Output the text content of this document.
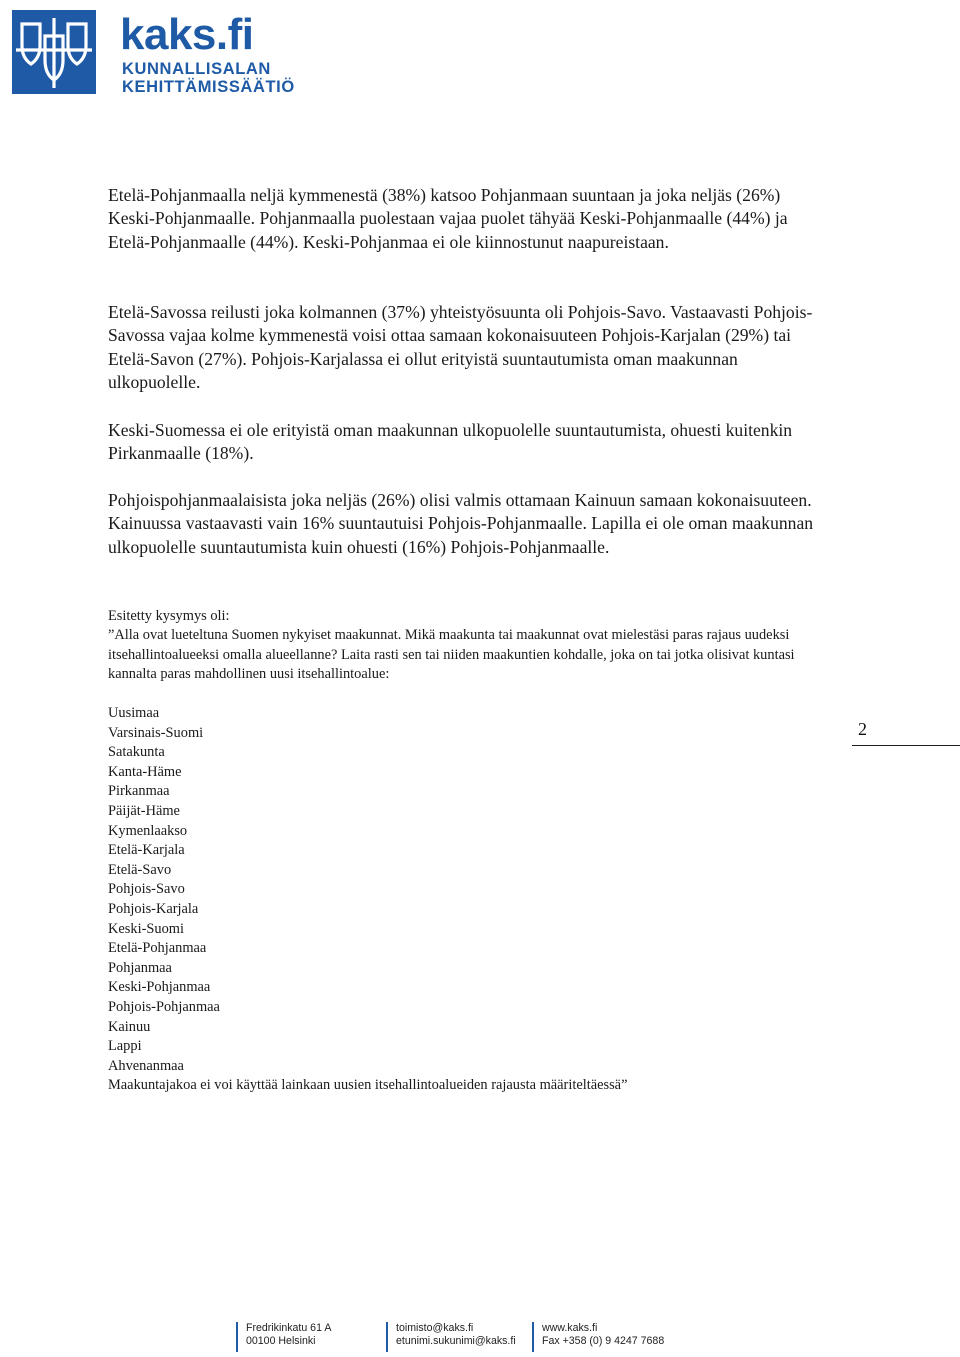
kaks.fi
KUNNALLISALAN
KEHITTÄMISSÄÄTIÖ
Etelä-Pohjanmaalla neljä kymmenestä (38%) katsoo Pohjanmaan suuntaan ja joka neljäs (26%) Keski-Pohjanmaalle. Pohjanmaalla puolestaan vajaa puolet tähyää Keski-Pohjanmaalle (44%) ja Etelä-Pohjanmaalle (44%). Keski-Pohjanmaa ei ole kiinnostunut naapureistaan.
Etelä-Savossa reilusti joka kolmannen (37%) yhteistyösuunta oli Pohjois-Savo. Vastaavasti Pohjois-Savossa vajaa kolme kymmenestä voisi ottaa samaan kokonaisuuteen Pohjois-Karjalan (29%) tai Etelä-Savon (27%). Pohjois-Karjalassa ei ollut erityistä suuntautumista oman maakunnan ulkopuolelle.
Keski-Suomessa ei ole erityistä oman maakunnan ulkopuolelle suuntautumista, ohuesti kuitenkin Pirkanmaalle (18%).
Pohjoispohjanmaalaisista joka neljäs (26%) olisi valmis ottamaan Kainuun samaan kokonaisuuteen. Kainuussa vastaavasti vain 16% suuntautuisi Pohjois-Pohjanmaalle. Lapilla ei ole oman maakunnan ulkopuolelle suuntautumista kuin ohuesti (16%) Pohjois-Pohjanmaalle.
Esitetty kysymys oli:
”Alla ovat lueteltuna Suomen nykyiset maakunnat. Mikä maakunta tai maakunnat ovat mielestäsi paras rajaus uudeksi itsehallintoalueeksi omalla alueellanne? Laita rasti sen tai niiden maakuntien kohdalle, joka on tai jotka olisivat kuntasi kannalta paras mahdollinen uusi itsehallintoalue:
Uusimaa
Varsinais-Suomi
Satakunta
Kanta-Häme
Pirkanmaa
Päijät-Häme
Kymenlaakso
Etelä-Karjala
Etelä-Savo
Pohjois-Savo
Pohjois-Karjala
Keski-Suomi
Etelä-Pohjanmaa
Pohjanmaa
Keski-Pohjanmaa
Pohjois-Pohjanmaa
Kainuu
Lappi
Ahvenanmaa
Maakuntajakoa ei voi käyttää lainkaan uusien itsehallintoalueiden rajausta määriteltäessä”
2
Fredrikinkatu 61 A
00100 Helsinki
toimisto@kaks.fi
etunimi.sukunimi@kaks.fi
www.kaks.fi
Fax +358 (0) 9 4247 7688
